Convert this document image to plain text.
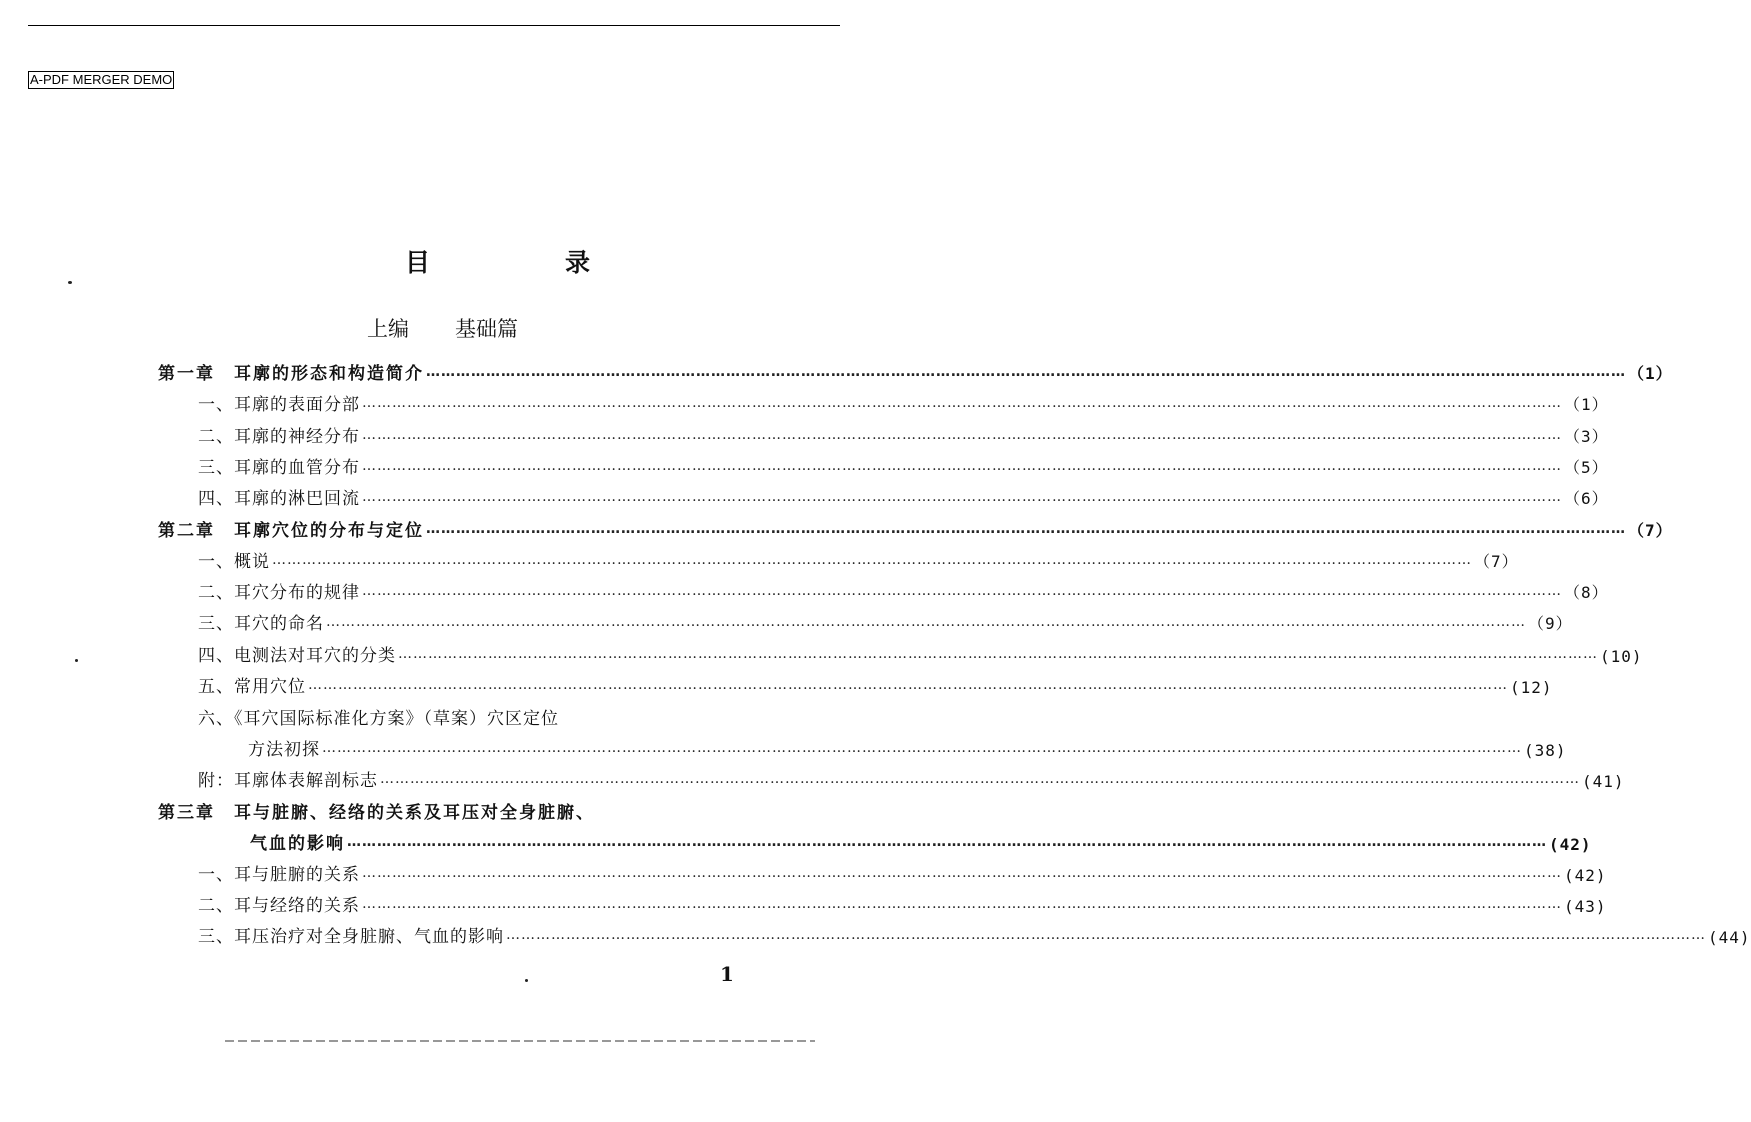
A-PDF MERGER DEMO
目　录
上编 基础篇
第一章　耳廓的形态和构造简介 …………………………………………………………………………………………………………………………………………………………………………………………………………………… （1）
一、耳廓的表面分部 …………………………………………………………………………………………………………………………………………………………………………………………………………………… （1）
二、耳廓的神经分布 …………………………………………………………………………………………………………………………………………………………………………………………………………………… （3）
三、耳廓的血管分布 …………………………………………………………………………………………………………………………………………………………………………………………………………………… （5）
四、耳廓的淋巴回流 …………………………………………………………………………………………………………………………………………………………………………………………………………………… （6）
第二章　耳廓穴位的分布与定位 …………………………………………………………………………………………………………………………………………………………………………………………………………………… （7）
一、概说 …………………………………………………………………………………………………………………………………………………………………………………………………………………… （7）
二、耳穴分布的规律 …………………………………………………………………………………………………………………………………………………………………………………………………………………… （8）
三、耳穴的命名 …………………………………………………………………………………………………………………………………………………………………………………………………………………… （9）
四、电测法对耳穴的分类 …………………………………………………………………………………………………………………………………………………………………………………………………………………… (10)
五、常用穴位 …………………………………………………………………………………………………………………………………………………………………………………………………………………… (12)
六、《耳穴国际标准化方案》（草案）穴区定位
方法初探 …………………………………………………………………………………………………………………………………………………………………………………………………………………… (38)
附：耳廓体表解剖标志 …………………………………………………………………………………………………………………………………………………………………………………………………………………… (41)
第三章　耳与脏腑、经络的关系及耳压对全身脏腑、
气血的影响 …………………………………………………………………………………………………………………………………………………………………………………………………………………… (42)
一、耳与脏腑的关系 …………………………………………………………………………………………………………………………………………………………………………………………………………………… (42)
二、耳与经络的关系 …………………………………………………………………………………………………………………………………………………………………………………………………………………… (43)
三、耳压治疗对全身脏腑、气血的影响 …………………………………………………………………………………………………………………………………………………………………………………………………………………… (44)
1
